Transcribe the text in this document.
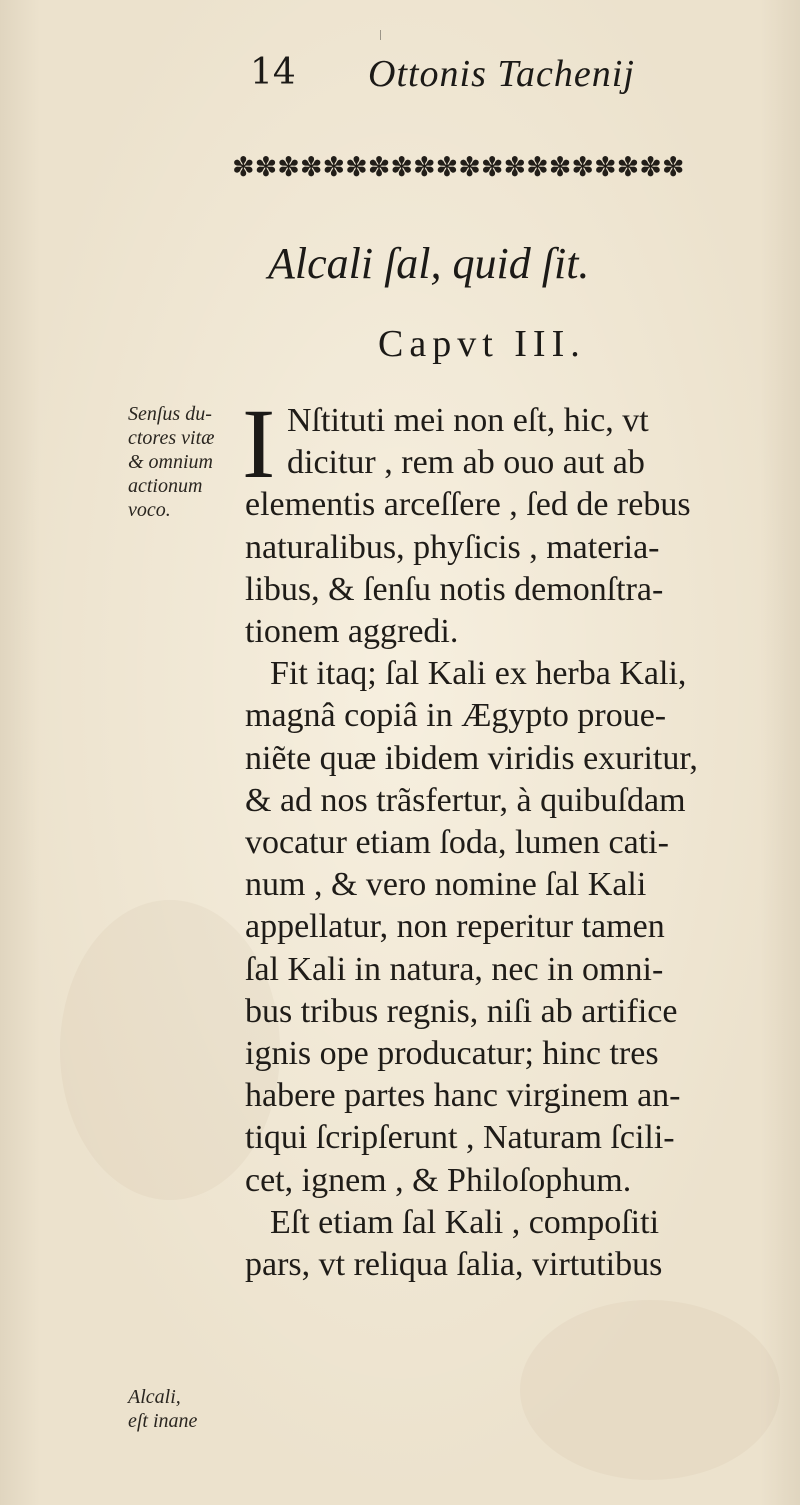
14 Ottonis Tachenij
✽✽✽✽✽✽✽✽✽✽✽✽✽✽✽✽✽✽✽✽
Alcali ſal, quid ſit.
Capvt III.
Senſus du-
ctores vitæ
& omnium
actionum
voco.
Alcali,
eſt inane
I Nſtituti mei non eſt, hic, vt
dicitur , rem ab ouo aut ab
elementis arceſſere , ſed de rebus
naturalibus, phyſicis , materia-
libus, & ſenſu notis demonſtra-
tionem aggredi.
Fit itaq; ſal Kali ex herba Kali,
magnâ copiâ in Ægypto proue-
niẽte quæ ibidem viridis exuritur,
& ad nos trãsfertur, à quibuſdam
vocatur etiam ſoda, lumen cati-
num , & vero nomine ſal Kali
appellatur, non reperitur tamen
ſal Kali in natura, nec in omni-
bus tribus regnis, niſi ab artifice
ignis ope producatur; hinc tres
habere partes hanc virginem an-
tiqui ſcripſerunt , Naturam ſcili-
cet, ignem , & Philoſophum.
Eſt etiam ſal Kali , compoſiti
pars, vt reliqua ſalia, virtutibus
